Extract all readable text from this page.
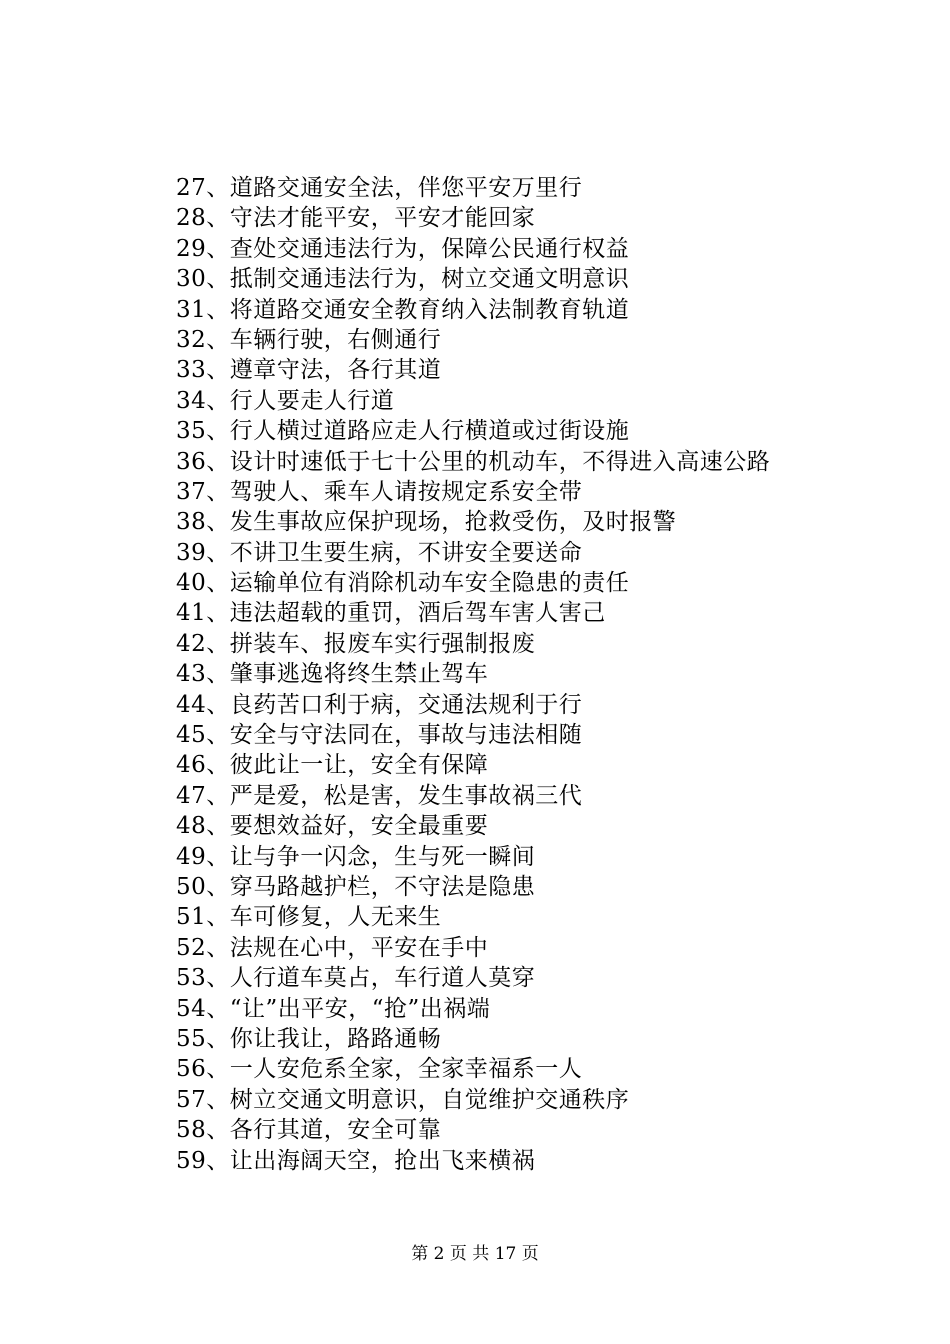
27、道路交通安全法，伴您平安万里行
28、守法才能平安，平安才能回家
29、查处交通违法行为，保障公民通行权益
30、抵制交通违法行为，树立交通文明意识
31、将道路交通安全教育纳入法制教育轨道
32、车辆行驶，右侧通行
33、遵章守法，各行其道
34、行人要走人行道
35、行人横过道路应走人行横道或过街设施
36、设计时速低于七十公里的机动车，不得进入高速公路
37、驾驶人、乘车人请按规定系安全带
38、发生事故应保护现场，抢救受伤，及时报警
39、不讲卫生要生病，不讲安全要送命
40、运输单位有消除机动车安全隐患的责任
41、违法超载的重罚，酒后驾车害人害己
42、拼装车、报废车实行强制报废
43、肇事逃逸将终生禁止驾车
44、良药苦口利于病，交通法规利于行
45、安全与守法同在，事故与违法相随
46、彼此让一让，安全有保障
47、严是爱，松是害，发生事故祸三代
48、要想效益好，安全最重要
49、让与争一闪念，生与死一瞬间
50、穿马路越护栏，不守法是隐患
51、车可修复，人无来生
52、法规在心中，平安在手中
53、人行道车莫占，车行道人莫穿
54、“让”出平安，“抢”出祸端
55、你让我让，路路通畅
56、一人安危系全家，全家幸福系一人
57、树立交通文明意识，自觉维护交通秩序
58、各行其道，安全可靠
59、让出海阔天空，抢出飞来横祸
第 2 页 共 17 页
